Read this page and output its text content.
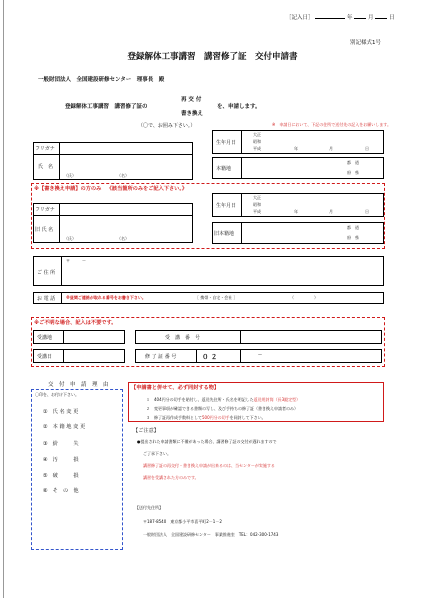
［記入日］	年	月	日
別記様式1号
登録解体工事講習　講習修了証　交付申請書
一般財団法人　全国建設研修センター　理事長　殿
登録解体工事講習　講習修了証の
再 交 付
書き換え
を、申請します。
（〇で、お囲み下さい。）	※　申請日において、下記の住所で送付先の記入をお願いします。
フリガナ
氏　名
（氏）	（名）
生年月日
大正
昭和
平成	年	月	日
本籍地
都　道
府　県
※【書き換え申請】の方のみ 《該当箇所のみをご記入下さい。》
フリガナ
旧 氏 名
（氏）	（名）
生年月日
大正
昭和
平成	年	月	日
旧本籍地
都　道
府　県
ご 住 所
〒　　　ー
お 電 話	※昼間ご連絡が取れる番号をお書き下さい。	［ 携帯・自宅・会社 ］	（　　　　　）
※ご不明な場合、記入は不要です。
受講地	受　講　番　号
受講日	修 了 証 番 号	０ ２	—
交　付　申　請　理　由
〇印を、お付け下さい。
① 氏 名 変 更
② 本 籍 地 変 更
③ 紛　　　失
④ 汚　　　損
⑤ 破　　　損
⑥ そ　の　他
【申請書と併せて、必ず同封する物】
１　404円分の切手を貼付し、返送先住所・氏名を明記した返送用封筒（長3縦定型）
２　変更事項が確認できる書類の写し、及び手持ちの修了証（書き換え申請者のみ）
３　修了証再作成手数料として500円分の切手を同封して下さい。
【ご注意】
●提出された申請書類に不備があった場合、講習修了証の交付が遅れますので
ご了承下さい。
講習修了証の再交付・書き換え申請が出来るのは、当センターが実施する
講習を受講された方のみです。
【送付先住所】
〒187-8540　東京都小平市喜平町2－1－2
一般財団法人　全国建設研修センター　事業推進室　TEL：042-300-1743
